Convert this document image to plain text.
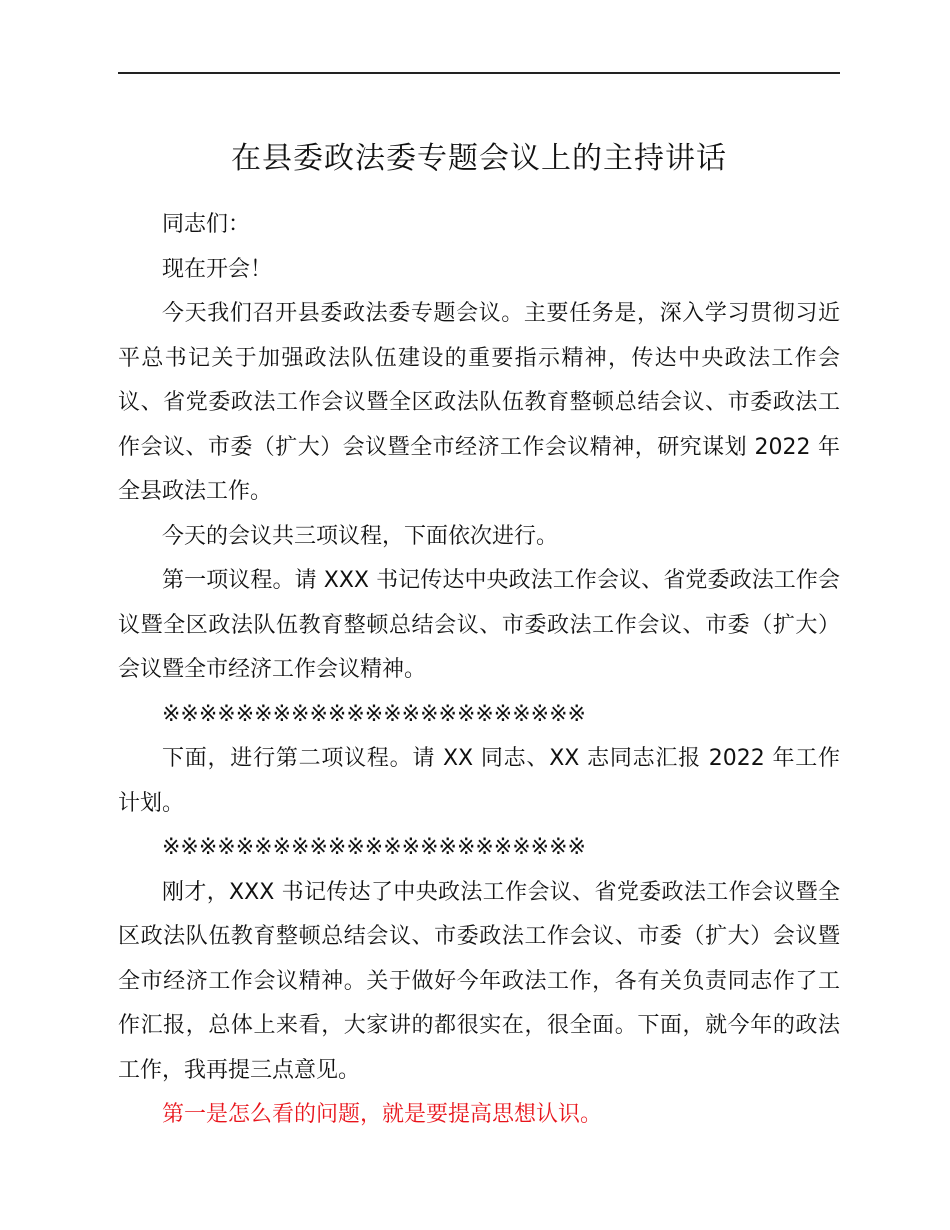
在县委政法委专题会议上的主持讲话

同志们：

现在开会！

今天我们召开县委政法委专题会议。主要任务是，深入学习贯彻习近平总书记关于加强政法队伍建设的重要指示精神，传达中央政法工作会议、省党委政法工作会议暨全区政法队伍教育整顿总结会议、市委政法工作会议、市委（扩大）会议暨全市经济工作会议精神，研究谋划 2022 年全县政法工作。

今天的会议共三项议程，下面依次进行。

第一项议程。请 XXX 书记传达中央政法工作会议、省党委政法工作会议暨全区政法队伍教育整顿总结会议、市委政法工作会议、市委（扩大）会议暨全市经济工作会议精神。

※※※※※※※※※※※※※※※※※※※※※※※

下面，进行第二项议程。请 XX 同志、XX 志同志汇报 2022 年工作计划。

※※※※※※※※※※※※※※※※※※※※※※※

刚才，XXX 书记传达了中央政法工作会议、省党委政法工作会议暨全区政法队伍教育整顿总结会议、市委政法工作会议、市委（扩大）会议暨全市经济工作会议精神。关于做好今年政法工作，各有关负责同志作了工作汇报，总体上来看，大家讲的都很实在，很全面。下面，就今年的政法工作，我再提三点意见。

第一是怎么看的问题，就是要提高思想认识。
